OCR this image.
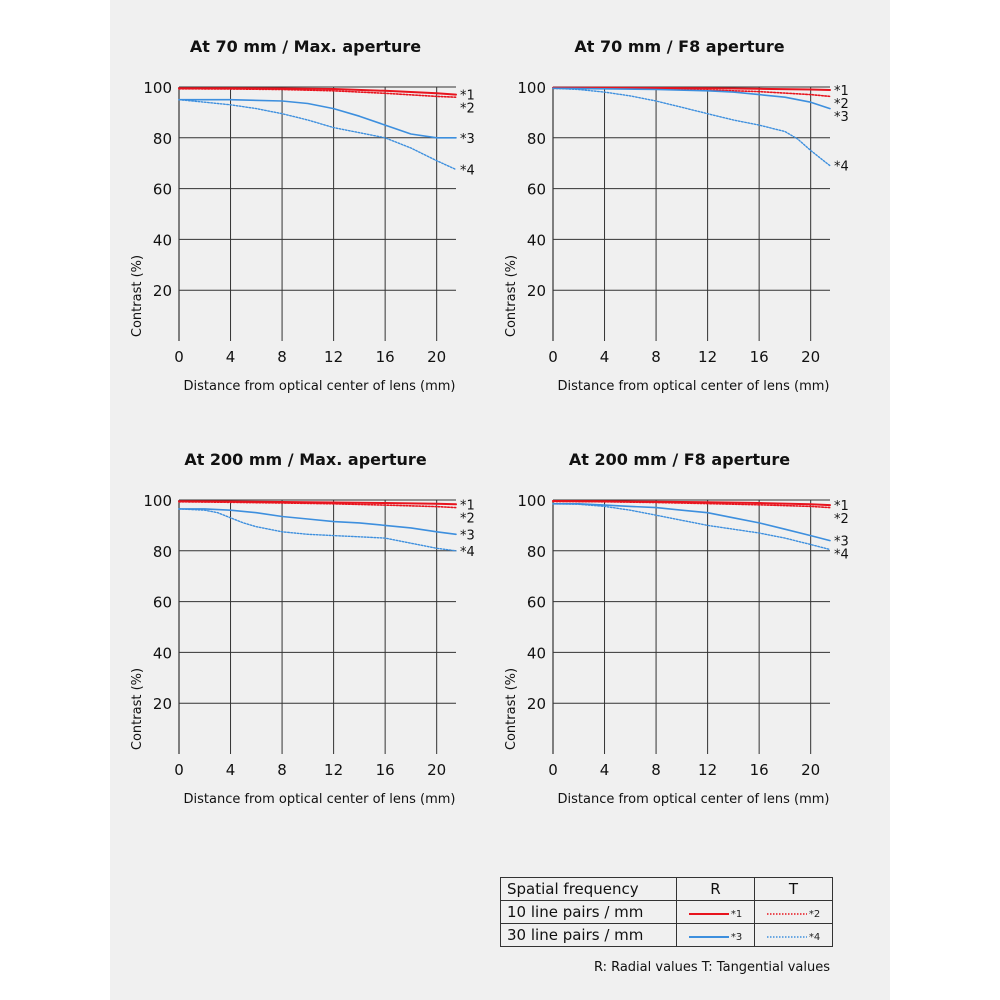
At 70 mm / Max. aperture
0	4	8 12 16 20
20
40
60
80
100
Distance from optical center of lens (mm)
Contrast (%)
*1
*2
*3
*4
At 70 mm / F8 aperture
0	4	8 12 16 20
20
40
60
80
100
Distance from optical center of lens (mm)
Contrast (%)
*1
*2
*3
*4
At 200 mm / Max. aperture
0	4	8 12 16 20
20
40
60
80
100
Distance from optical center of lens (mm)
Contrast (%)
*1
*2
*3
*4
At 200 mm / F8 aperture
0	4	8 12 16 20
20
40
60
80
100
Distance from optical center of lens (mm)
Contrast (%)
*1
*2
*3
*4
Spatial frequency	R	T
10 line pairs / mm	*1	*2

30 line pairs / mm	*3	*4
R: Radial values T: Tangential values
